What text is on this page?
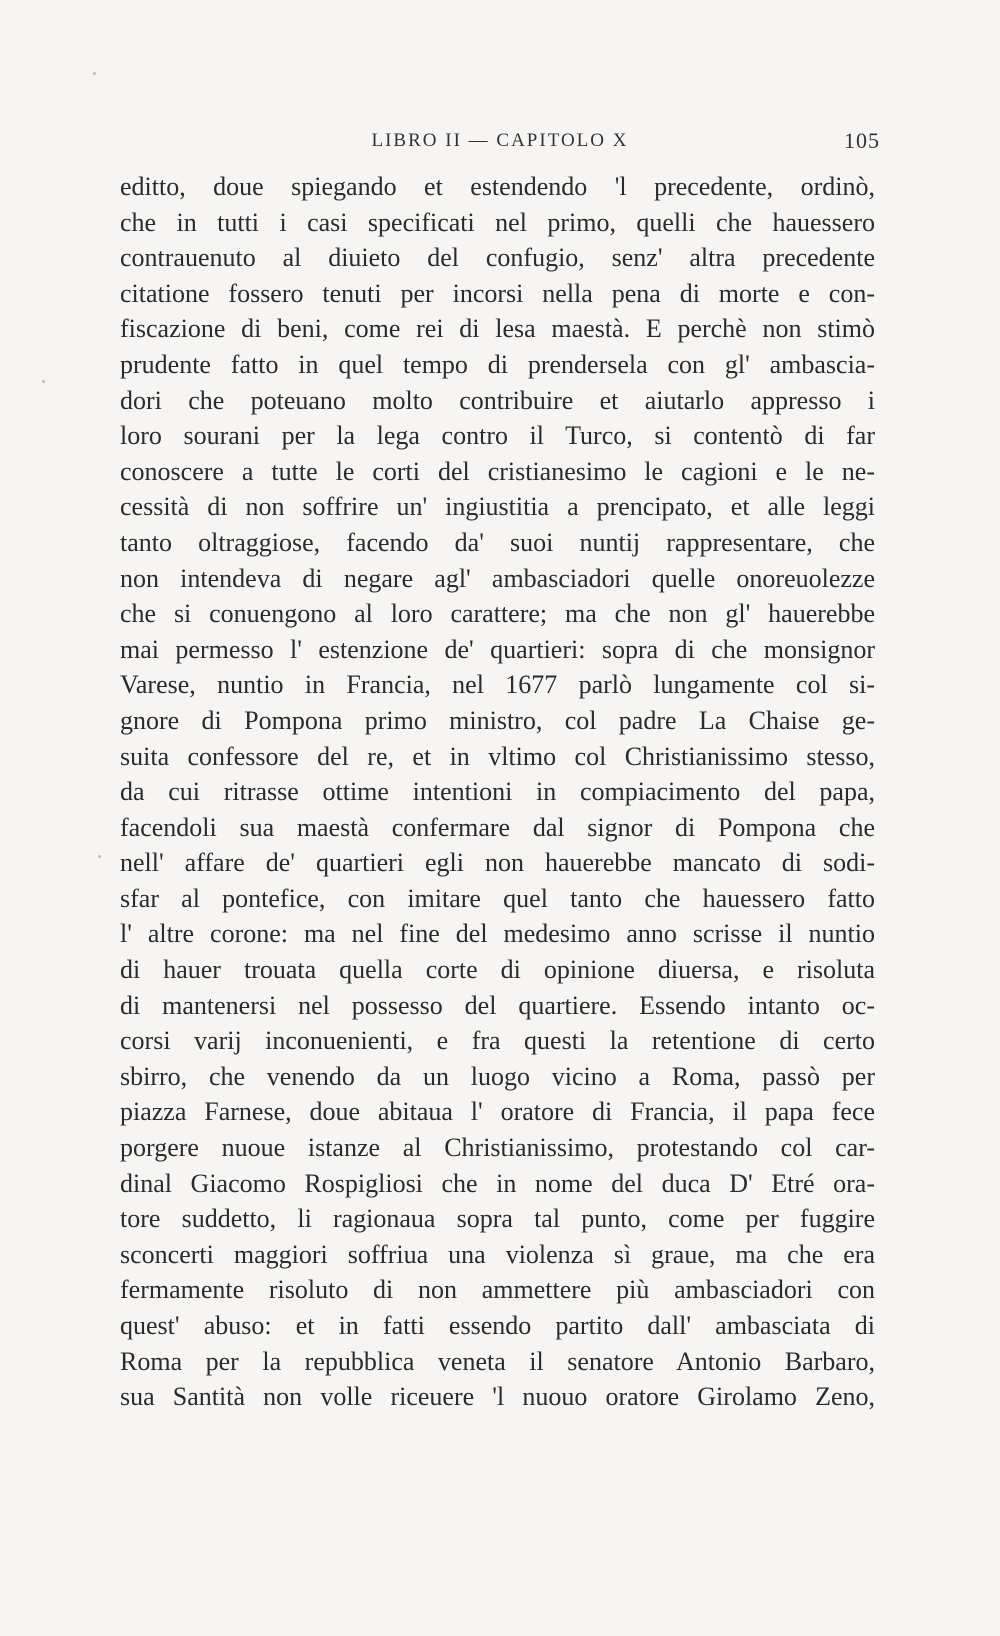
LIBRO II — CAPITOLO X	105
editto, doue spiegando et estendendo 'l precedente, ordinò,
che in tutti i casi specificati nel primo, quelli che hauessero
contrauenuto al diuieto del confugio, senz' altra precedente
citatione fossero tenuti per incorsi nella pena di morte e con-
fiscazione di beni, come rei di lesa maestà. E perchè non stimò
prudente fatto in quel tempo di prendersela con gl' ambascia-
dori che poteuano molto contribuire et aiutarlo appresso i
loro sourani per la lega contro il Turco, si contentò di far
conoscere a tutte le corti del cristianesimo le cagioni e le ne-
cessità di non soffrire un' ingiustitia a prencipato, et alle leggi
tanto oltraggiose, facendo da' suoi nuntij rappresentare, che
non intendeva di negare agl' ambasciadori quelle onoreuolezze
che si conuengono al loro carattere; ma che non gl' hauerebbe
mai permesso l' estenzione de' quartieri: sopra di che monsignor
Varese, nuntio in Francia, nel 1677 parlò lungamente col si-
gnore di Pompona primo ministro, col padre La Chaise ge-
suita confessore del re, et in vltimo col Christianissimo stesso,
da cui ritrasse ottime intentioni in compiacimento del papa,
facendoli sua maestà confermare dal signor di Pompona che
nell' affare de' quartieri egli non hauerebbe mancato di sodi-
sfar al pontefice, con imitare quel tanto che hauessero fatto
l' altre corone: ma nel fine del medesimo anno scrisse il nuntio
di hauer trouata quella corte di opinione diuersa, e risoluta
di mantenersi nel possesso del quartiere. Essendo intanto oc-
corsi varij inconuenienti, e fra questi la retentione di certo
sbirro, che venendo da un luogo vicino a Roma, passò per
piazza Farnese, doue abitaua l' oratore di Francia, il papa fece
porgere nuoue istanze al Christianissimo, protestando col car-
dinal Giacomo Rospigliosi che in nome del duca D' Etré ora-
tore suddetto, li ragionaua sopra tal punto, come per fuggire
sconcerti maggiori soffriua una violenza sì graue, ma che era
fermamente risoluto di non ammettere più ambasciadori con
quest' abuso: et in fatti essendo partito dall' ambasciata di
Roma per la repubblica veneta il senatore Antonio Barbaro,
sua Santità non volle riceuere 'l nuouo oratore Girolamo Zeno,
